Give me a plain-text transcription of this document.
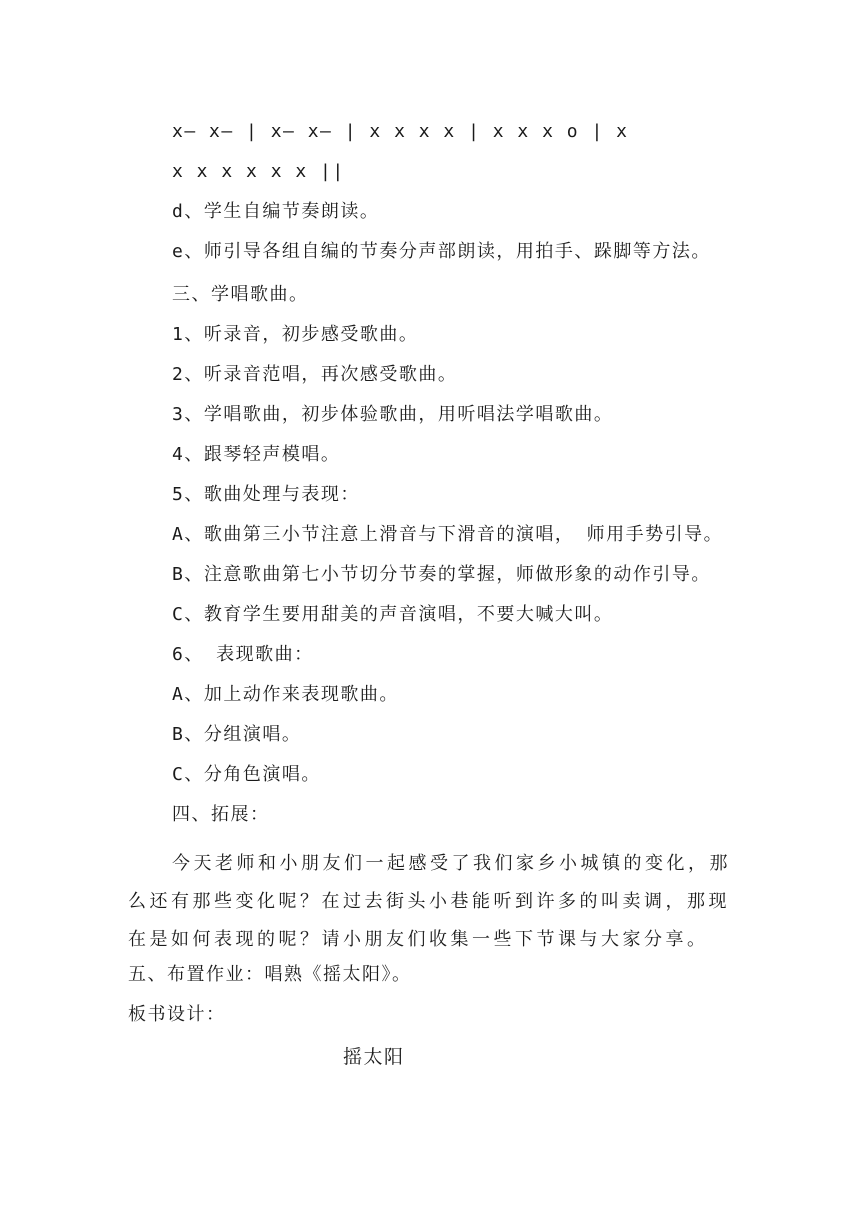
x— x— | x— x— | x x x x | x x x o | x
x x x x x x ||
d、学生自编节奏朗读。
e、师引导各组自编的节奏分声部朗读，用拍手、跺脚等方法。
三、学唱歌曲。
1、听录音，初步感受歌曲。
2、听录音范唱，再次感受歌曲。
3、学唱歌曲，初步体验歌曲，用听唱法学唱歌曲。
4、跟琴轻声模唱。
5、歌曲处理与表现：
A、歌曲第三小节注意上滑音与下滑音的演唱， 师用手势引导。
B、注意歌曲第七小节切分节奏的掌握，师做形象的动作引导。
C、教育学生要用甜美的声音演唱，不要大喊大叫。
6、 表现歌曲：
A、加上动作来表现歌曲。
B、分组演唱。
C、分角色演唱。
四、拓展：
今天老师和小朋友们一起感受了我们家乡小城镇的变化，那么还有那些变化呢？在过去街头小巷能听到许多的叫卖调，那现在是如何表现的呢？请小朋友们收集一些下节课与大家分享。
五、布置作业：唱熟《摇太阳》。
板书设计：
摇太阳
